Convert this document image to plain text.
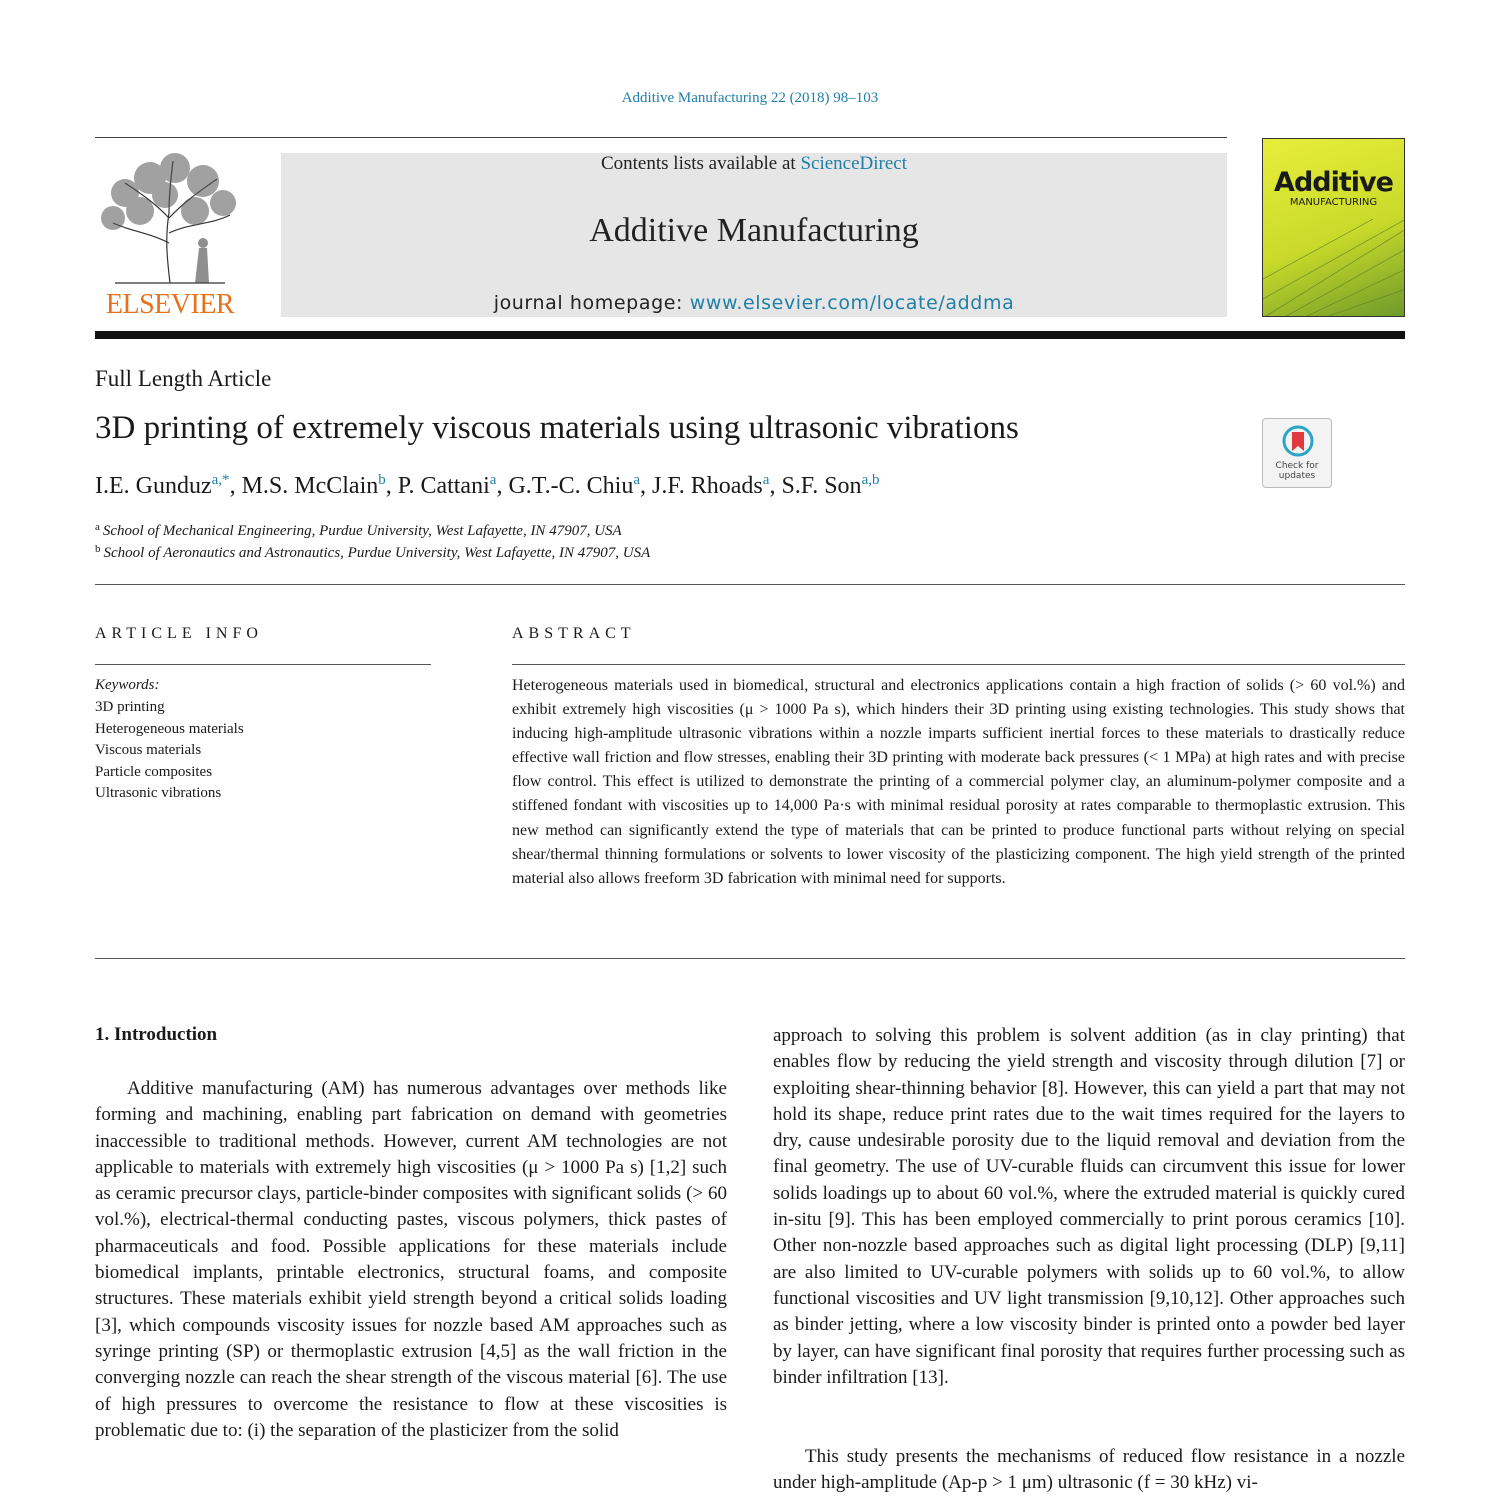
Additive Manufacturing 22 (2018) 98–103
ELSEVIER
Contents lists available at ScienceDirect
Additive Manufacturing
journal homepage: www.elsevier.com/locate/addma
Additive
MANUFACTURING
Full Length Article
3D printing of extremely viscous materials using ultrasonic vibrations
Check for updates
I.E. Gunduz$^{a,*}$, M.S. McClain$^b$, P. Cattani$^a$, G.T.-C. Chiu$^a$, J.F. Rhoads$^a$, S.F. Son$^{a,b}$
$^a$ School of Mechanical Engineering, Purdue University, West Lafayette, IN 47907, USA
$^b$ School of Aeronautics and Astronautics, Purdue University, West Lafayette, IN 47907, USA
ARTICLE INFO	ABSTRACT
Keywords:
3D printing
Heterogeneous materials
Viscous materials
Particle composites
Ultrasonic vibrations

Heterogeneous materials used in biomedical, structural and electronics applications contain a high fraction of solids (> 60 vol.%) and exhibit extremely high viscosities (μ > 1000 Pa s), which hinders their 3D printing using existing technologies. This study shows that inducing high-amplitude ultrasonic vibrations within a nozzle imparts sufficient inertial forces to these materials to drastically reduce effective wall friction and flow stresses, enabling their 3D printing with moderate back pressures (< 1 MPa) at high rates and with precise flow control. This effect is utilized to demonstrate the printing of a commercial polymer clay, an aluminum-polymer composite and a stiffened fondant with viscosities up to 14,000 Pa·s with minimal residual porosity at rates comparable to thermoplastic extrusion. This new method can significantly extend the type of materials that can be printed to produce functional parts without relying on special shear/thermal thinning formulations or solvents to lower viscosity of the plasticizing component. The high yield strength of the printed material also allows freeform 3D fabrication with minimal need for supports.

1. Introduction

Additive manufacturing (AM) has numerous advantages over methods like forming and machining, enabling part fabrication on demand with geometries inaccessible to traditional methods. However, current AM technologies are not applicable to materials with extremely high viscosities (μ > 1000 Pa s) [1,2] such as ceramic precursor clays, particle-binder composites with significant solids (> 60 vol.%), electrical-thermal conducting pastes, viscous polymers, thick pastes of pharmaceuticals and food. Possible applications for these materials include biomedical implants, printable electronics, structural foams, and composite structures. These materials exhibit yield strength beyond a critical solids loading [3], which compounds viscosity issues for nozzle based AM approaches such as syringe printing (SP) or thermoplastic extrusion [4,5] as the wall friction in the converging nozzle can reach the shear strength of the viscous material [6]. The use of high pressures to overcome the resistance to flow at these viscosities is problematic due to: (i) the separation of the plasticizer from the solid

approach to solving this problem is solvent addition (as in clay printing) that enables flow by reducing the yield strength and viscosity through dilution [7] or exploiting shear-thinning behavior [8]. However, this can yield a part that may not hold its shape, reduce print rates due to the wait times required for the layers to dry, cause undesirable porosity due to the liquid removal and deviation from the final geometry. The use of UV-curable fluids can circumvent this issue for lower solids loadings up to about 60 vol.%, where the extruded material is quickly cured in-situ [9]. This has been employed commercially to print porous ceramics [10]. Other non-nozzle based approaches such as digital light processing (DLP) [9,11] are also limited to UV-curable polymers with solids up to 60 vol.%, to allow functional viscosities and UV light transmission [9,10,12]. Other approaches such as binder jetting, where a low viscosity binder is printed onto a powder bed layer by layer, can have significant final porosity that requires further processing such as binder infiltration [13].

This study presents the mechanisms of reduced flow resistance in a nozzle under high-amplitude (Ap-p > 1 μm) ultrasonic (f = 30 kHz) vi-
